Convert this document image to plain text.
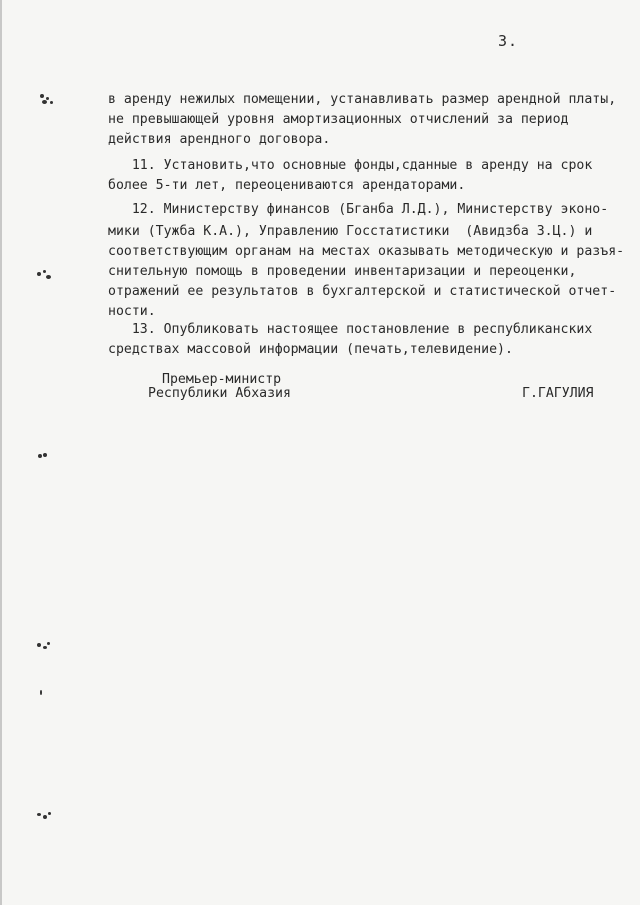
3.
в аренду нежилых помещении, устанавливать размер арендной платы,
не превышающей уровня амортизационных отчислений за период
действия арендного договора.
11. Установить,что основные фонды,сданные в аренду на срок
более 5-ти лет, переоцениваются арендаторами.
12. Министерству финансов (Бганба Л.Д.), Министерству эконо-
мики (Тужба К.А.), Управлению Госстатистики  (Авидзба З.Ц.) и
соответствующим органам на местах оказывать методическую и разъя-
снительную помощь в проведении инвентаризации и переоценки,
отражений ее результатов в бухгалтерской и статистической отчет-
ности.
13. Опубликовать настоящее постановление в республиканских
средствах массовой информации (печать,телевидение).
Премьер-министр
Республики Абхазия	Г.ГАГУЛИЯ
